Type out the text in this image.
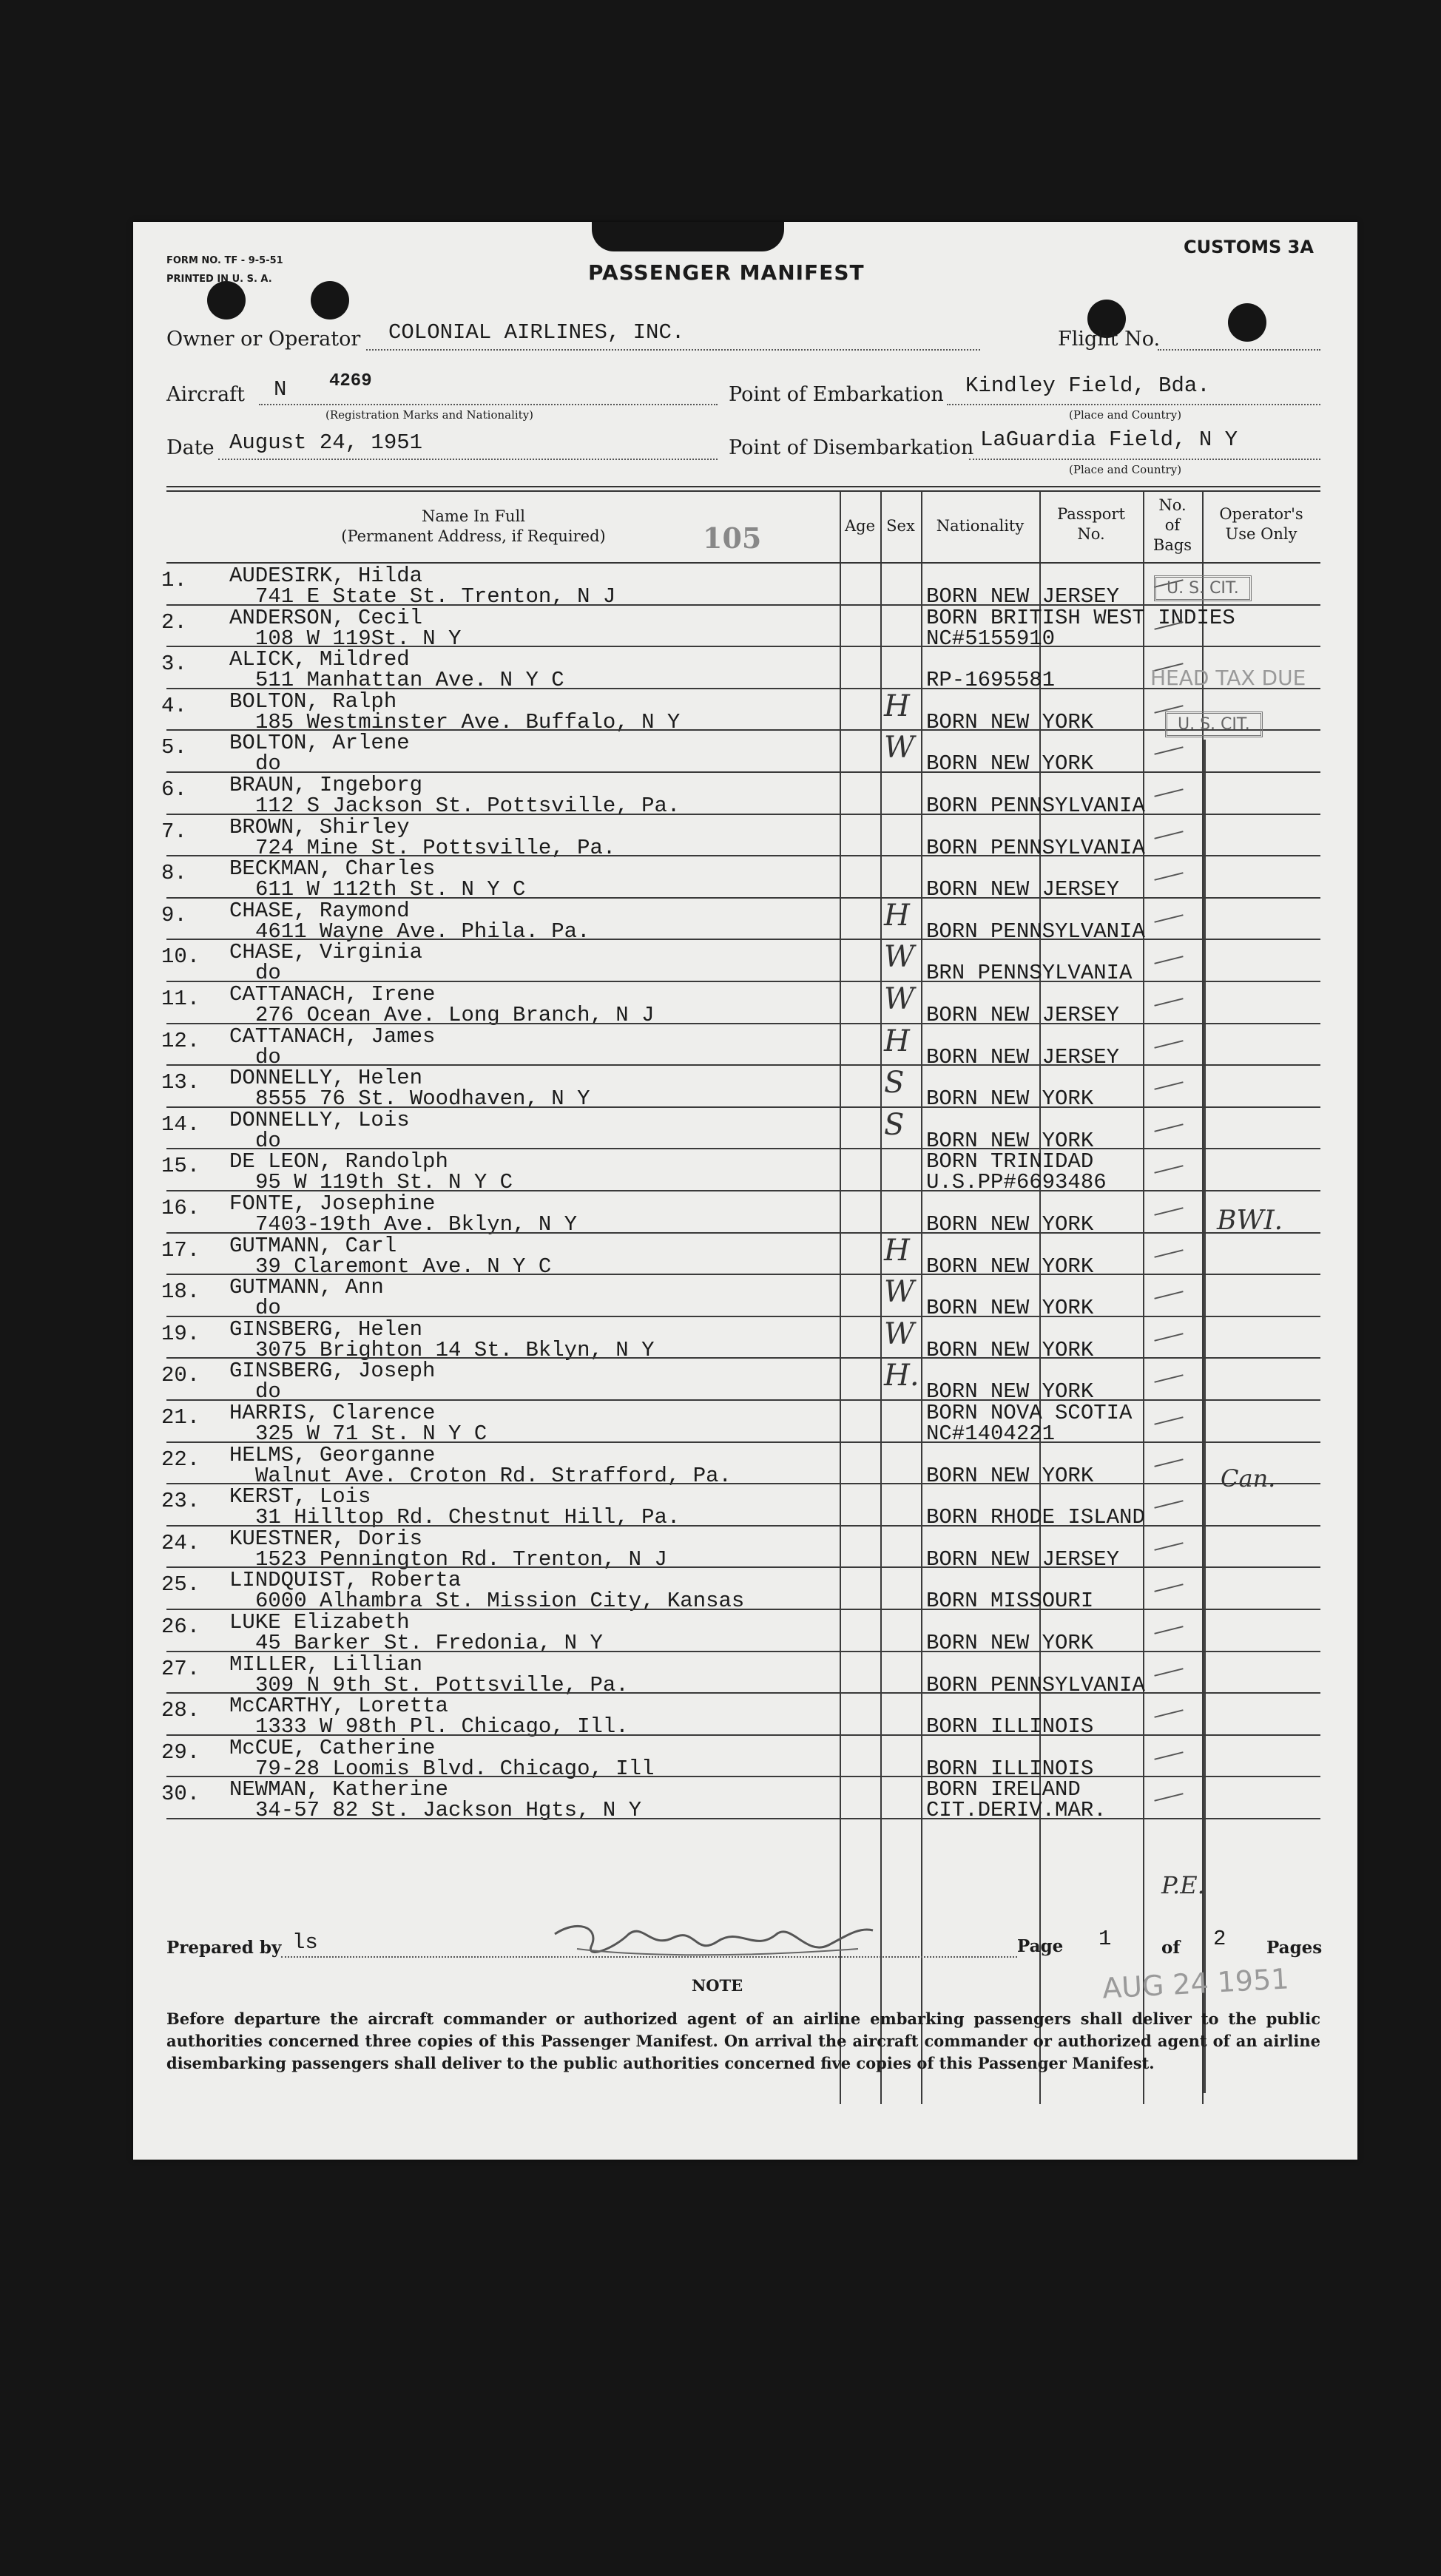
FORM NO. TF - 9-5-51
PRINTED IN U. S. A.	PASSENGER MANIFEST
CUSTOMS 3A
Owner or Operator COLONIAL AIRLINES, INC.	Flight No.
Aircraft N 4269
(Registration Marks and Nationality)
Point of Embarkation Kindley Field, Bda.
(Place and Country)
Date August 24, 1951	Point of Disembarkation LaGuardia Field, N Y
(Place and Country)
Name In Full
(Permanent Address, if Required)
Age Sex	Nationality
Passport
No.
No.
of
Bags
Operator's
Use Only
105
1. AUDESIRK, Hilda
741 E State St. Trenton, N J	BORN NEW JERSEY
2. ANDERSON, Cecil
108 W 119St. N Y
BORN BRITISH WEST INDIES
NC#5155910
3. ALICK, Mildred
511 Manhattan Ave. N Y C	RP-1695581
4. BOLTON, Ralph
185 Westminster Ave. Buffalo, N Y	H BORN NEW YORK
5. BOLTON, Arlene
do	W BORN NEW YORK
6. BRAUN, Ingeborg
112 S Jackson St. Pottsville, Pa.	BORN PENNSYLVANIA
7. BROWN, Shirley
724 Mine St. Pottsville, Pa.	BORN PENNSYLVANIA
8. BECKMAN, Charles
611 W 112th St. N Y C	BORN NEW JERSEY
9. CHASE, Raymond
4611 Wayne Ave. Phila. Pa.	H BORN PENNSYLVANIA
10. CHASE, Virginia
do	W BRN PENNSYLVANIA
11. CATTANACH, Irene
276 Ocean Ave. Long Branch, N J	W BORN NEW JERSEY
12. CATTANACH, James
do	H BORN NEW JERSEY
13. DONNELLY, Helen
8555 76 St. Woodhaven, N Y	S BORN NEW YORK
14. DONNELLY, Lois
do	S BORN NEW YORK
15. DE LEON, Randolph
95 W 119th St. N Y C
BORN TRINIDAD
U.S.PP#6693486
16. FONTE, Josephine
7403-19th Ave. Bklyn, N Y	BORN NEW YORK
17. GUTMANN, Carl
39 Claremont Ave. N Y C	H BORN NEW YORK
18. GUTMANN, Ann
do	W BORN NEW YORK
19. GINSBERG, Helen
3075 Brighton 14 St. Bklyn, N Y	W BORN NEW YORK
20. GINSBERG, Joseph
do	H. BORN NEW YORK
21. HARRIS, Clarence
325 W 71 St. N Y C
BORN NOVA SCOTIA
NC#1404221
22. HELMS, Georganne
Walnut Ave. Croton Rd. Strafford, Pa.	BORN NEW YORK
23. KERST, Lois
31 Hilltop Rd. Chestnut Hill, Pa.	BORN RHODE ISLAND
24. KUESTNER, Doris
1523 Pennington Rd. Trenton, N J	BORN NEW JERSEY
25. LINDQUIST, Roberta
6000 Alhambra St. Mission City, Kansas	BORN MISSOURI
26. LUKE Elizabeth
45 Barker St. Fredonia, N Y	BORN NEW YORK
27. MILLER, Lillian
309 N 9th St. Pottsville, Pa.	BORN PENNSYLVANIA
28. McCARTHY, Loretta
1333 W 98th Pl. Chicago, Ill.	BORN ILLINOIS
29. McCUE, Catherine
79-28 Loomis Blvd. Chicago, Ill	BORN ILLINOIS
30. NEWMAN, Katherine
34-57 82 St. Jackson Hgts, N Y
BORN IRELAND
CIT.DERIV.MAR.
U. S. CIT.
HEAD TAX DUE
U. S. CIT.
BWI.
Can.
P.E.
Prepared by ls	Page 1	of 2 Pages
AUG 24 1951
NOTE
Before departure the aircraft commander or authorized agent of an airline embarking passengers shall deliver to the public authorities concerned three copies of this Passenger Manifest. On arrival the aircraft commander or authorized agent of an airline disembarking passengers shall deliver to the public authorities concerned five copies of this Passenger Manifest.
